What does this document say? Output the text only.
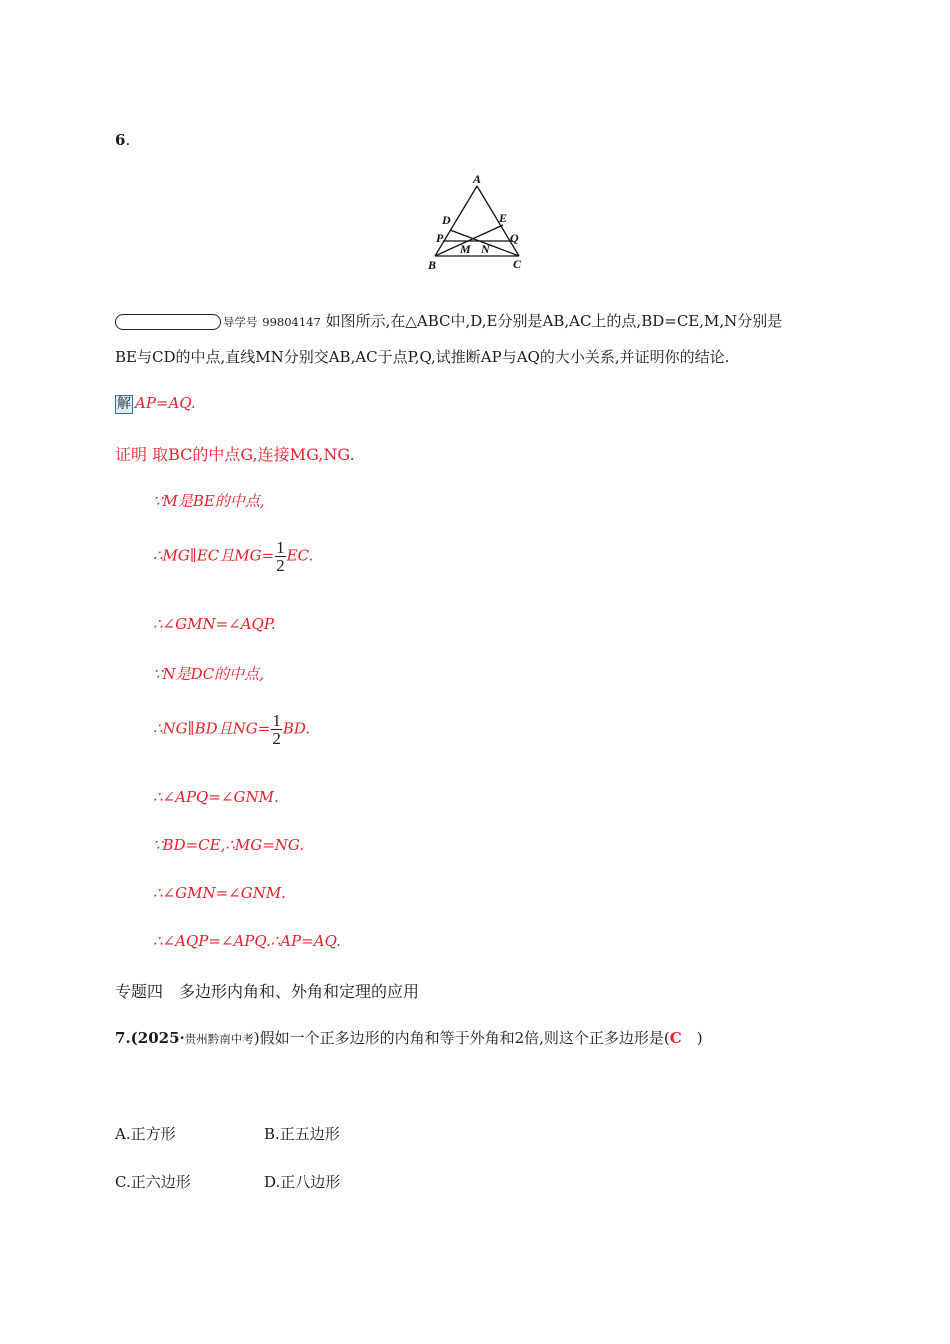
6.
A
B	C
D	E
P	Q
M N
导学号 99804147 如图所示,在△ABC中,D,E分别是AB,AC上的点,BD=CE,M,N分别是
BE与CD的中点,直线MN分别交AB,AC于点P,Q,试推断AP与AQ的大小关系,并证明你的结论.
解 AP=AQ.
证明 取BC的中点G,连接MG,NG.
∵M是BE的中点,
∴MG∥EC且$MG= \frac{1}{2}$ EC.
∴∠GMN=∠AQP.
∵N是DC的中点,
∴NG∥BD且$NG= \frac{1}{2}$ BD.
∴∠APQ=∠GNM.
∵BD=CE,∴MG=NG.
∴∠GMN=∠GNM.
∴∠AQP=∠APQ.∴AP=AQ.
专题四　多边形内角和、外角和定理的应用
7.(2025·贵州黔南中考)假如一个正多边形的内角和等于外角和2倍,则这个正多边形是(C　)
A.正方形	B.正五边形
C.正六边形	D.正八边形
